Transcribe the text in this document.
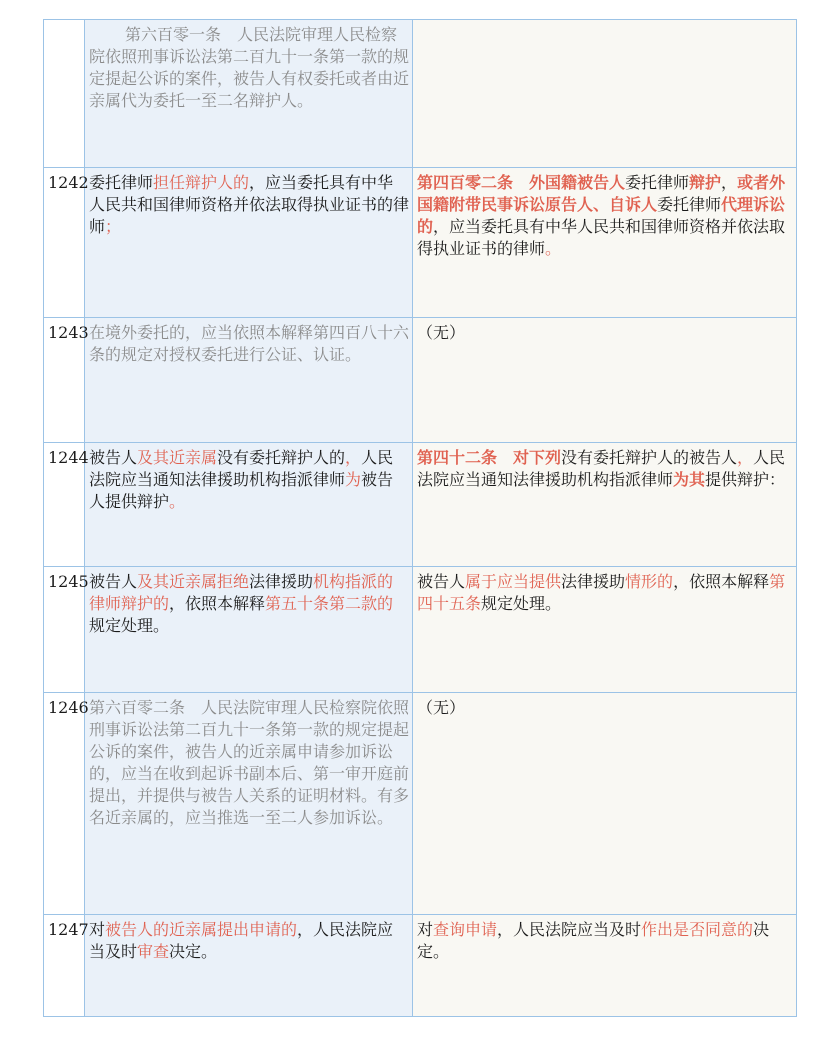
	第六百零一条　人民法院审理人民检察院依照刑事诉讼法第二百九十一条第一款的规定提起公诉的案件，被告人有权委托或者由近亲属代为委托一至二名辩护人。	
1242	委托律师担任辩护人的，应当委托具有中华人民共和国律师资格并依法取得执业证书的律师；	第四百零二条　外国籍被告人委托律师辩护，或者外国籍附带民事诉讼原告人、自诉人委托律师代理诉讼的，应当委托具有中华人民共和国律师资格并依法取得执业证书的律师。
1243	在境外委托的，应当依照本解释第四百八十六条的规定对授权委托进行公证、认证。	（无）
1244	被告人及其近亲属没有委托辩护人的，人民法院应当通知法律援助机构指派律师为被告人提供辩护。	第四十二条　对下列没有委托辩护人的被告人，人民法院应当通知法律援助机构指派律师为其提供辩护：
1245	被告人及其近亲属拒绝法律援助机构指派的律师辩护的，依照本解释第五十条第二款的规定处理。	被告人属于应当提供法律援助情形的，依照本解释第四十五条规定处理。
1246	第六百零二条　人民法院审理人民检察院依照刑事诉讼法第二百九十一条第一款的规定提起公诉的案件，被告人的近亲属申请参加诉讼的，应当在收到起诉书副本后、第一审开庭前提出，并提供与被告人关系的证明材料。有多名近亲属的，应当推选一至二人参加诉讼。	（无）
1247	对被告人的近亲属提出申请的，人民法院应当及时审查决定。	对查询申请，人民法院应当及时作出是否同意的决定。
